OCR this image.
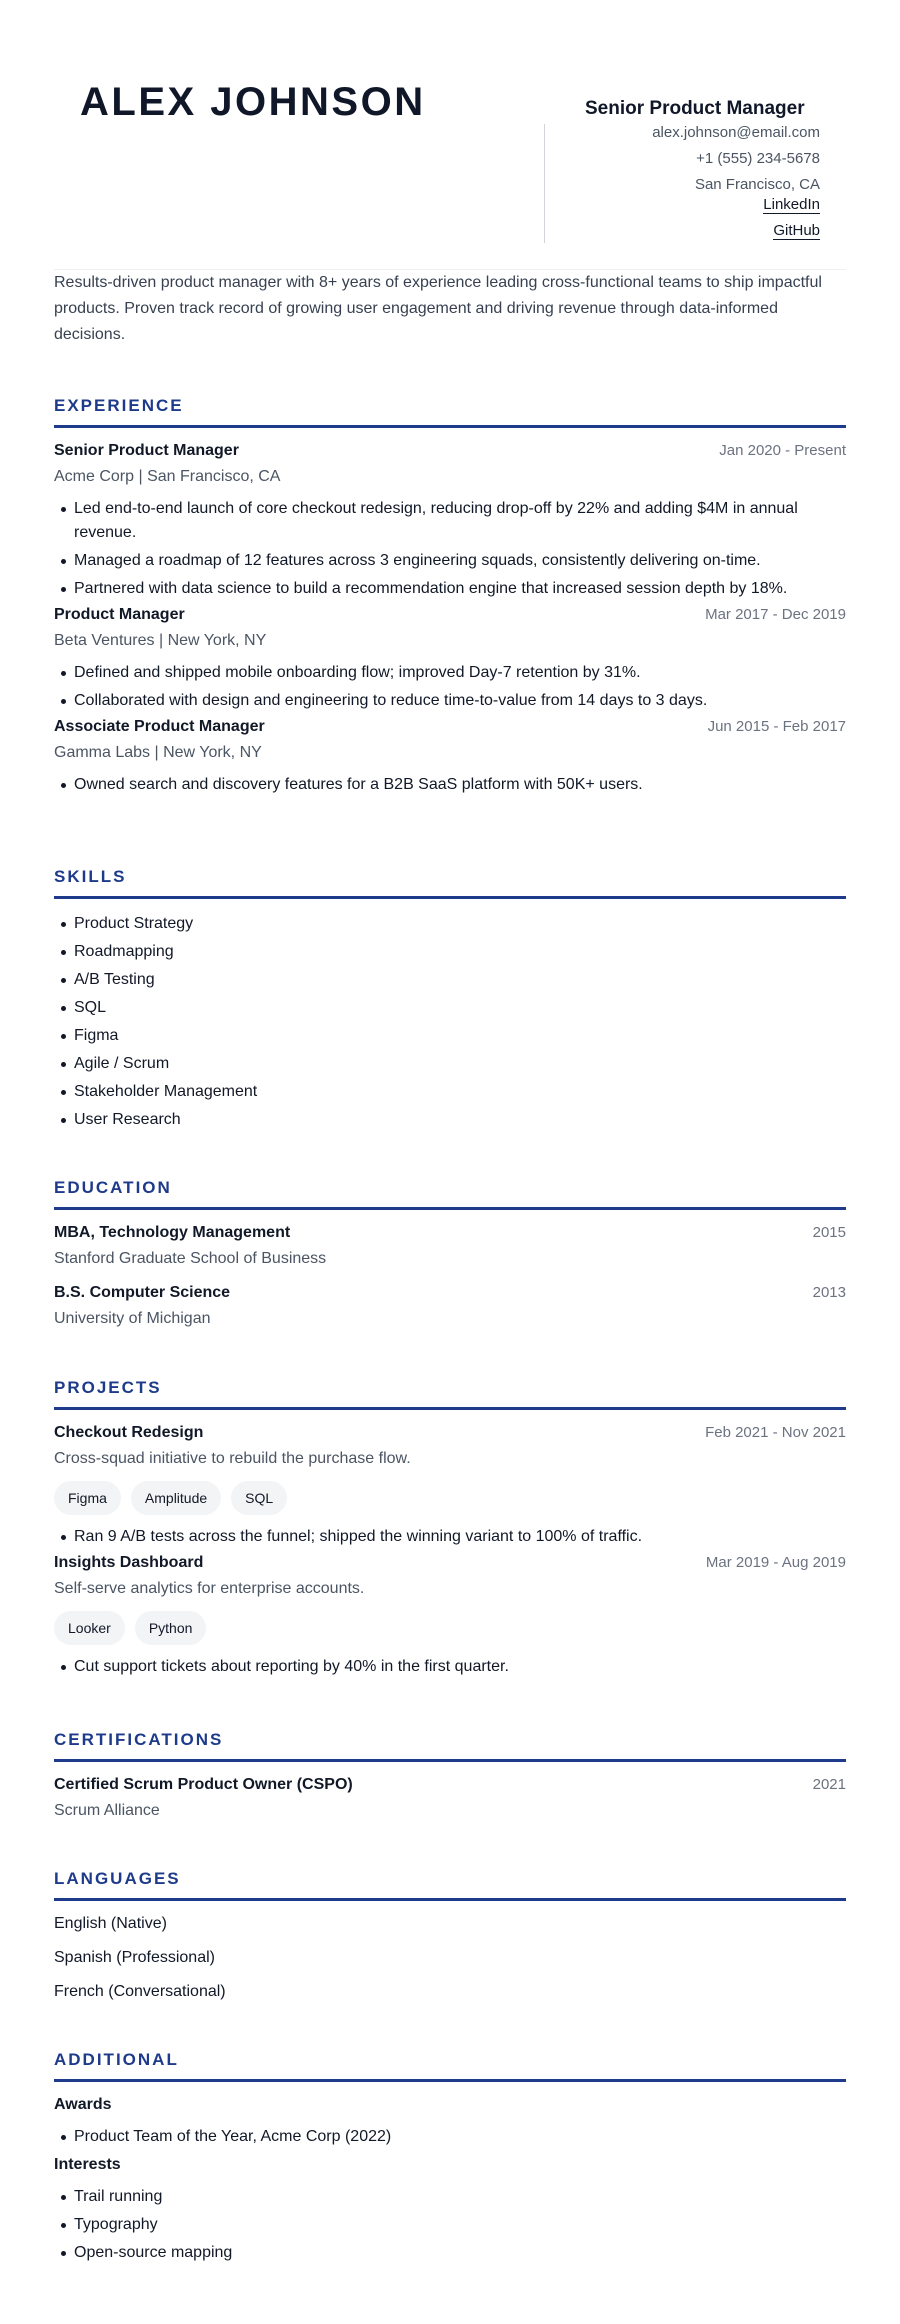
ALEX JOHNSON	Senior Product Manager
alex.johnson@email.com
+1 (555) 234-5678
San Francisco, CA
LinkedIn
GitHub

Results-driven product manager with 8+ years of experience leading cross-functional teams to ship impactful products. Proven track record of growing user engagement and driving revenue through data-informed decisions.

EXPERIENCE
Senior Product Manager	Jan 2020 - Present
Acme Corp | San Francisco, CA
Led end-to-end launch of core checkout redesign, reducing drop-off by 22% and adding $4M in annual revenue.
Managed a roadmap of 12 features across 3 engineering squads, consistently delivering on-time.
Partnered with data science to build a recommendation engine that increased session depth by 18%.
Product Manager	Mar 2017 - Dec 2019
Beta Ventures | New York, NY
Defined and shipped mobile onboarding flow; improved Day-7 retention by 31%.
Collaborated with design and engineering to reduce time-to-value from 14 days to 3 days.
Associate Product Manager	Jun 2015 - Feb 2017
Gamma Labs | New York, NY
Owned search and discovery features for a B2B SaaS platform with 50K+ users.
SKILLS
Product Strategy
Roadmapping
A/B Testing
SQL
Figma
Agile / Scrum
Stakeholder Management
User Research
EDUCATION
MBA, Technology Management	2015
Stanford Graduate School of Business
B.S. Computer Science	2013
University of Michigan
PROJECTS
Checkout Redesign	Feb 2021 - Nov 2021
Cross-squad initiative to rebuild the purchase flow.
Figma	Amplitude	SQL
Ran 9 A/B tests across the funnel; shipped the winning variant to 100% of traffic.
Insights Dashboard	Mar 2019 - Aug 2019
Self-serve analytics for enterprise accounts.
Looker	Python
Cut support tickets about reporting by 40% in the first quarter.
CERTIFICATIONS
Certified Scrum Product Owner (CSPO)	2021
Scrum Alliance
LANGUAGES
English (Native)
Spanish (Professional)
French (Conversational)
ADDITIONAL
Awards
Product Team of the Year, Acme Corp (2022)
Interests
Trail running
Typography
Open-source mapping
